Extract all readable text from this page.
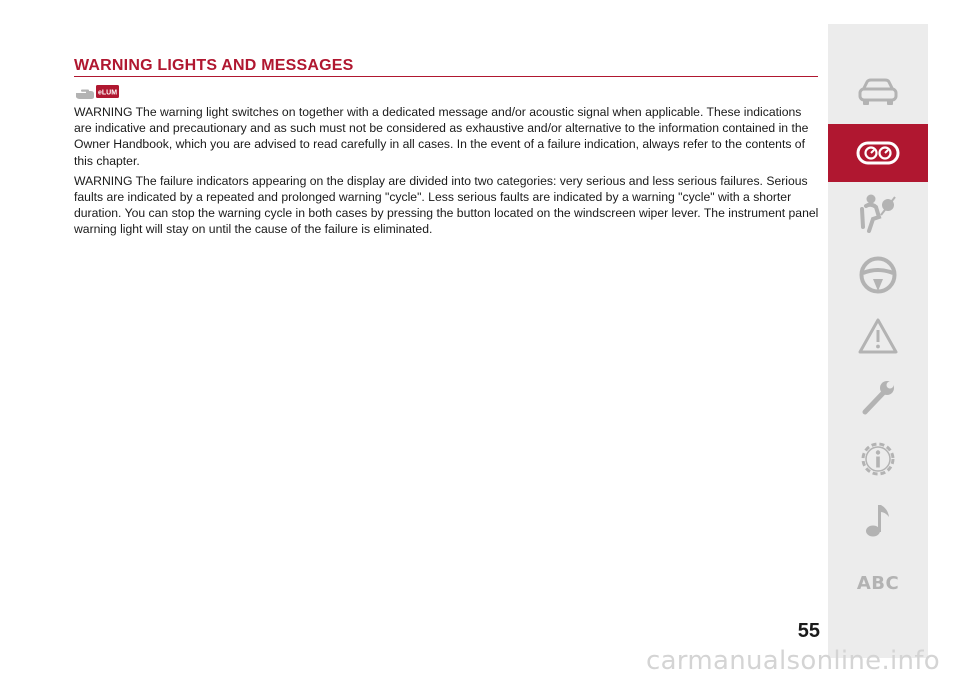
WARNING LIGHTS AND MESSAGES
eLUM

WARNING The warning light switches on together with a dedicated message and/or acoustic signal when applicable. These indications are indicative and precautionary and as such must not be considered as exhaustive and/or alternative to the information contained in the Owner Handbook, which you are advised to read carefully in all cases. In the event of a failure indication, always refer to the contents of this chapter.

WARNING The failure indicators appearing on the display are divided into two categories: very serious and less serious failures. Serious faults are indicated by a repeated and prolonged warning "cycle". Less serious faults are indicated by a warning "cycle" with a shorter duration. You can stop the warning cycle in both cases by pressing the button located on the windscreen wiper lever. The instrument panel warning light will stay on until the cause of the failure is eliminated.

ABC
55
carmanualsonline.info
